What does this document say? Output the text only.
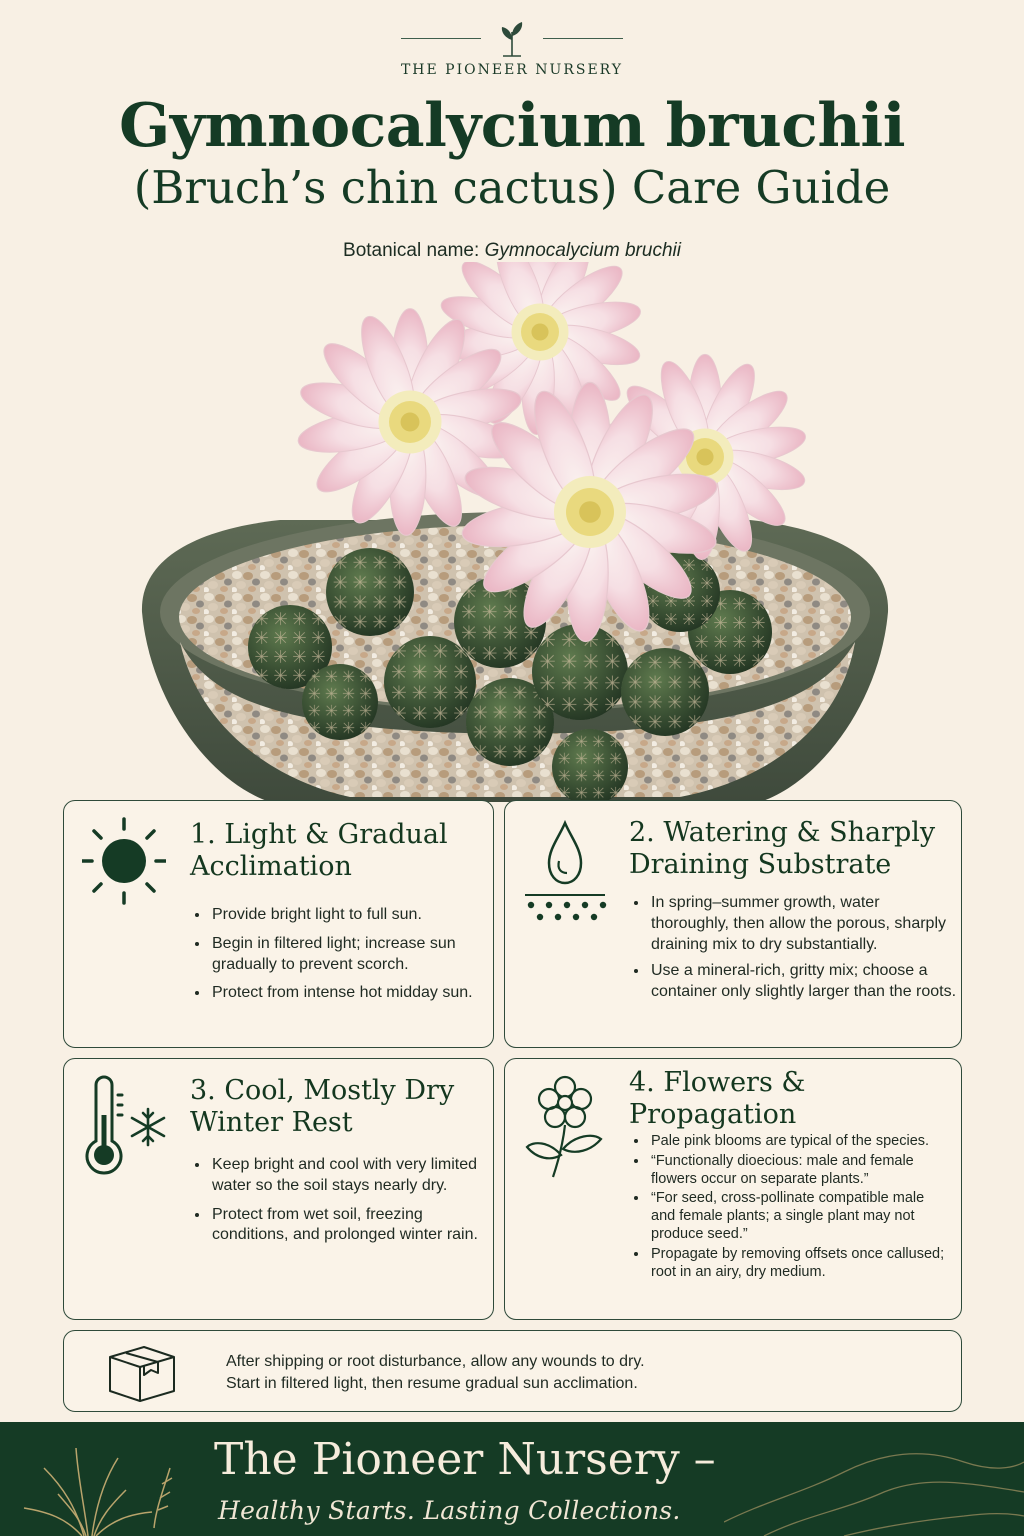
THE PIONEER NURSERY
Gymnocalycium bruchii
(Bruch’s chin cactus) Care Guide
Botanical name: Gymnocalycium bruchii
1. Light & Gradual Acclimation
• Provide bright light to full sun.
• Begin in filtered light; increase sun gradually to prevent scorch.
• Protect from intense hot midday sun.
2. Watering & Sharply Draining Substrate
• In spring–summer growth, water thoroughly, then allow the porous, sharply draining mix to dry substantially.
• Use a mineral-rich, gritty mix; choose a container only slightly larger than the roots.
3. Cool, Mostly Dry Winter Rest
• Keep bright and cool with very limited water so the soil stays nearly dry.
• Protect from wet soil, freezing conditions, and prolonged winter rain.
4. Flowers & Propagation
• Pale pink blooms are typical of the species.
• “Functionally dioecious: male and female flowers occur on separate plants.”
• “For seed, cross-pollinate compatible male and female plants; a single plant may not produce seed.”
• Propagate by removing offsets once callused; root in an airy, dry medium.
After shipping or root disturbance, allow any wounds to dry.
Start in filtered light, then resume gradual sun acclimation.
The Pioneer Nursery –
Healthy Starts. Lasting Collections.
